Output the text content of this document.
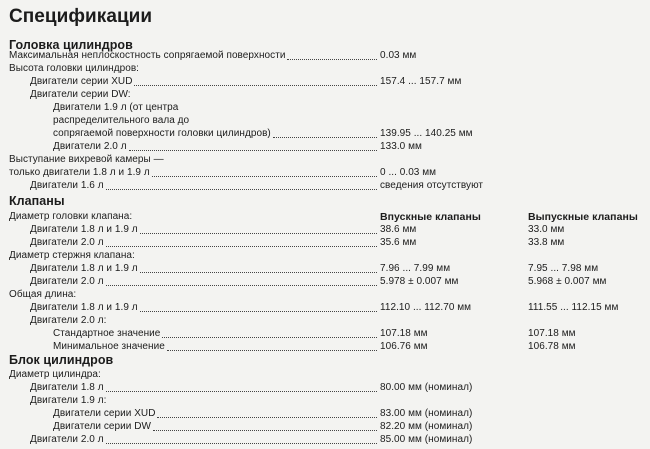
Спецификации
Головка цилиндров
Максимальная неплоскостность сопрягаемой поверхности	0.03 мм
Высота головки цилиндров:
Двигатели серии XUD	157.4 ... 157.7 мм
Двигатели серии DW:
Двигатели 1.9 л (от центра
распределительного вала до
сопрягаемой поверхности головки цилиндров)	139.95 ... 140.25 мм
Двигатели 2.0 л	133.0 мм
Выступание вихревой камеры —
только двигатели 1.8 л и 1.9 л	0 ... 0.03 мм
Двигатели 1.6 л	сведения отсутствуют
Клапаны
Впускные клапаны	Выпускные клапаны
Диаметр головки клапана:
Двигатели 1.8 л и 1.9 л	38.6 мм	33.0 мм
Двигатели 2.0 л	35.6 мм	33.8 мм
Диаметр стержня клапана:
Двигатели 1.8 л и 1.9 л	7.96 ... 7.99 мм	7.95 ... 7.98 мм
Двигатели 2.0 л	5.978 ± 0.007 мм	5.968 ± 0.007 мм
Общая длина:
Двигатели 1.8 л и 1.9 л	112.10 ... 112.70 мм	111.55 ... 112.15 мм
Двигатели 2.0 л:
Стандартное значение	107.18 мм	107.18 мм
Минимальное значение	106.76 мм	106.78 мм
Блок цилиндров
Диаметр цилиндра:
Двигатели 1.8 л	80.00 мм (номинал)
Двигатели 1.9 л:
Двигатели серии XUD	83.00 мм (номинал)
Двигатели серии DW	82.20 мм (номинал)
Двигатели 2.0 л	85.00 мм (номинал)
